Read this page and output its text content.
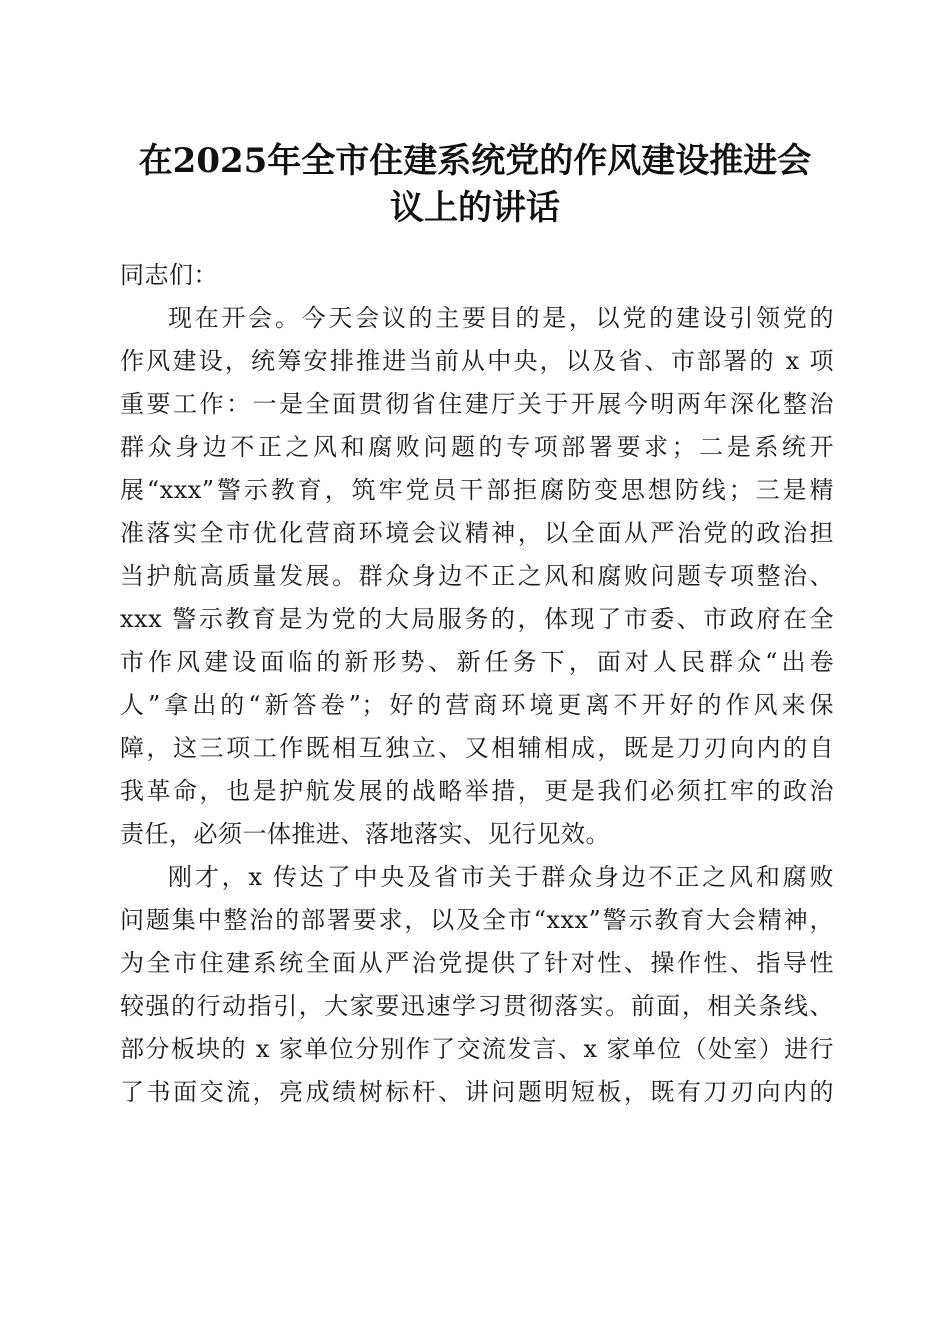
在2025年全市住建系统党的作风建设推进会
议上的讲话
同志们：
现在开会。今天会议的主要目的是，以党的建设引领党的
作风建设，统筹安排推进当前从中央，以及省、市部署的 x 项
重要工作：一是全面贯彻省住建厅关于开展今明两年深化整治
群众身边不正之风和腐败问题的专项部署要求；二是系统开
展“xxx”警示教育，筑牢党员干部拒腐防变思想防线；三是精
准落实全市优化营商环境会议精神，以全面从严治党的政治担
当护航高质量发展。群众身边不正之风和腐败问题专项整治、
xxx 警示教育是为党的大局服务的，体现了市委、市政府在全
市作风建设面临的新形势、新任务下，面对人民群众“出卷
人”拿出的“新答卷”；好的营商环境更离不开好的作风来保
障，这三项工作既相互独立、又相辅相成，既是刀刃向内的自
我革命，也是护航发展的战略举措，更是我们必须扛牢的政治
责任，必须一体推进、落地落实、见行见效。
刚才，x 传达了中央及省市关于群众身边不正之风和腐败
问题集中整治的部署要求，以及全市“xxx”警示教育大会精神，
为全市住建系统全面从严治党提供了针对性、操作性、指导性
较强的行动指引，大家要迅速学习贯彻落实。前面，相关条线、
部分板块的 x 家单位分别作了交流发言、x 家单位（处室）进行
了书面交流，亮成绩树标杆、讲问题明短板，既有刀刃向内的
